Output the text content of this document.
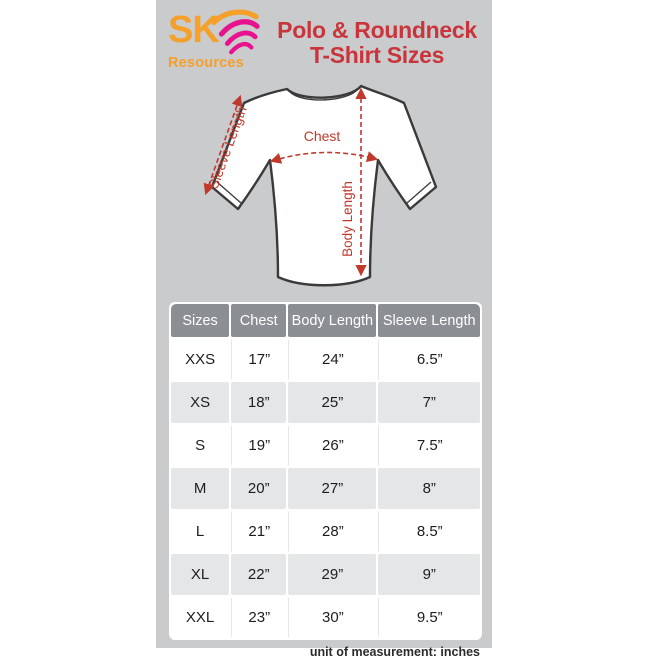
SK
Resources
Polo & Roundneck
T-Shirt Sizes
Chest
Body Length
Sleeve Length
Sizes	Chest	Body Length	Sleeve Length
XXS	17”	24”	6.5”
XS	18”	25”	7”
S	19”	26”	7.5”
M	20”	27”	8”
L	21”	28”	8.5”
XL	22”	29”	9”
XXL	23”	30”	9.5”
unit of measurement: inches
